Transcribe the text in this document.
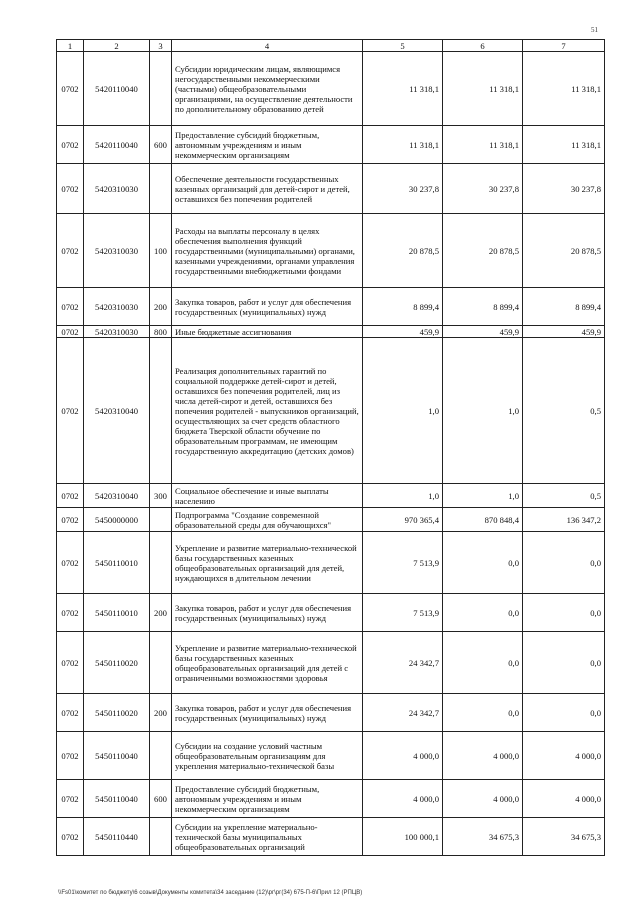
51
1	2	3	4	5	6	7
0702	5420110040		Субсидии юридическим лицам, являющимся негосударственными некоммерческими (частными) общеобразовательными организациями, на осуществление деятельности по дополнительному образованию детей	11 318,1	11 318,1	11 318,1
0702	5420110040	600	Предоставление субсидий бюджетным, автономным учреждениям и иным некоммерческим организациям	11 318,1	11 318,1	11 318,1
0702	5420310030		Обеспечение деятельности государственных казенных организаций для детей-сирот и детей, оставшихся без попечения родителей	30 237,8	30 237,8	30 237,8
0702	5420310030	100	Расходы на выплаты персоналу в целях обеспечения выполнения функций государственными (муниципальными) органами, казенными учреждениями, органами управления государственными внебюджетными фондами	20 878,5	20 878,5	20 878,5
0702	5420310030	200	Закупка товаров, работ и услуг для обеспечения государственных (муниципальных) нужд	8 899,4	8 899,4	8 899,4
0702	5420310030	800	Иные бюджетные ассигнования	459,9	459,9	459,9
0702	5420310040		Реализация дополнительных гарантий по социальной поддержке детей-сирот и детей, оставшихся без попечения родителей, лиц из числа детей-сирот и детей, оставшихся без попечения родителей - выпускников организаций, осуществляющих за счет средств областного бюджета Тверской области обучение по образовательным программам, не имеющим государственную аккредитацию (детских домов)	1,0	1,0	0,5
0702	5420310040	300	Социальное обеспечение и иные выплаты населению	1,0	1,0	0,5
0702	5450000000		Подпрограмма "Создание современной образовательной среды для обучающихся"	970 365,4	870 848,4	136 347,2
0702	5450110010		Укрепление и развитие материально-технической базы государственных казенных общеобразовательных организаций для детей, нуждающихся в длительном лечении	7 513,9	0,0	0,0
0702	5450110010	200	Закупка товаров, работ и услуг для обеспечения государственных (муниципальных) нужд	7 513,9	0,0	0,0
0702	5450110020		Укрепление и развитие материально-технической базы государственных казенных общеобразовательных организаций для детей с ограниченными возможностями здоровья	24 342,7	0,0	0,0
0702	5450110020	200	Закупка товаров, работ и услуг для обеспечения государственных (муниципальных) нужд	24 342,7	0,0	0,0
0702	5450110040		Субсидии на создание условий частным общеобразовательным организациям для укрепления материально-технической базы	4 000,0	4 000,0	4 000,0
0702	5450110040	600	Предоставление субсидий бюджетным, автономным учреждениям и иным некоммерческим организациям	4 000,0	4 000,0	4 000,0
0702	5450110440		Субсидии на укрепление материально-технической базы муниципальных общеобразовательных организаций	100 000,1	34 675,3	34 675,3
\\Fs01\комитет по бюджету\6 созыв\Документы комитета\34 заседание (12)\рг\рг(34) 675-П-6\Прил 12 (РПЦВ)
